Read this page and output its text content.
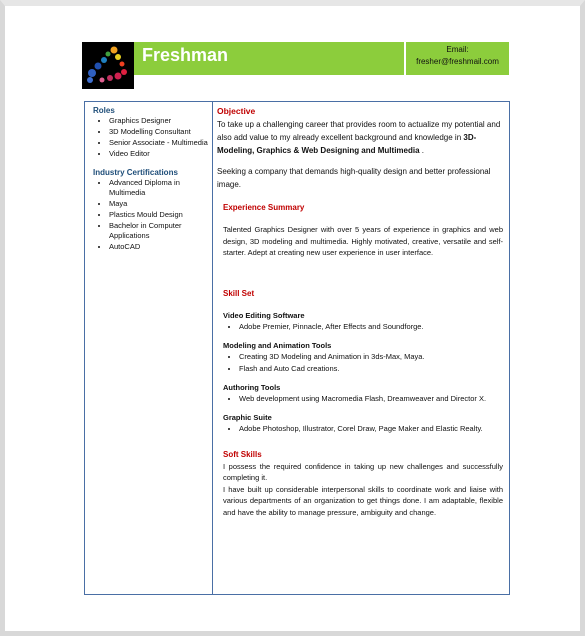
Freshman	Email:
fresher@freshmail.com
Roles
• Graphics Designer
• 3D Modelling Consultant
• Senior Associate - Multimedia
• Video Editor
Industry Certifications
• Advanced Diploma in Multimedia
• Maya
• Plastics Mould Design
• Bachelor in Computer Applications
• AutoCAD
Objective

To take up a challenging career that provides room to actualize my potential and also add value to my already excellent background and knowledge in 3D-Modeling, Graphics & Web Designing and Multimedia .

Seeking a company that demands high-quality design and better professional image.

Experience Summary

Talented Graphics Designer with over 5 years of experience in graphics and web design, 3D modeling and multimedia. Highly motivated, creative, versatile and self-starter. Adept at creating new user experience in user interface.

Skill Set
Video Editing Software
• Adobe Premier, Pinnacle, After Effects and Soundforge.
Modeling and Animation Tools
• Creating 3D Modeling and Animation in 3ds-Max, Maya.
• Flash and Auto Cad creations.
Authoring Tools
• Web development using Macromedia Flash, Dreamweaver and Director X.
Graphic Suite
• Adobe Photoshop, Illustrator, Corel Draw, Page Maker and Elastic Realty.
Soft Skills

I possess the required confidence in taking up new challenges and successfully completing it.

I have built up considerable interpersonal skills to coordinate work and liaise with various departments of an organization to get things done. I am adaptable, flexible and have the ability to manage pressure, ambiguity and change.
